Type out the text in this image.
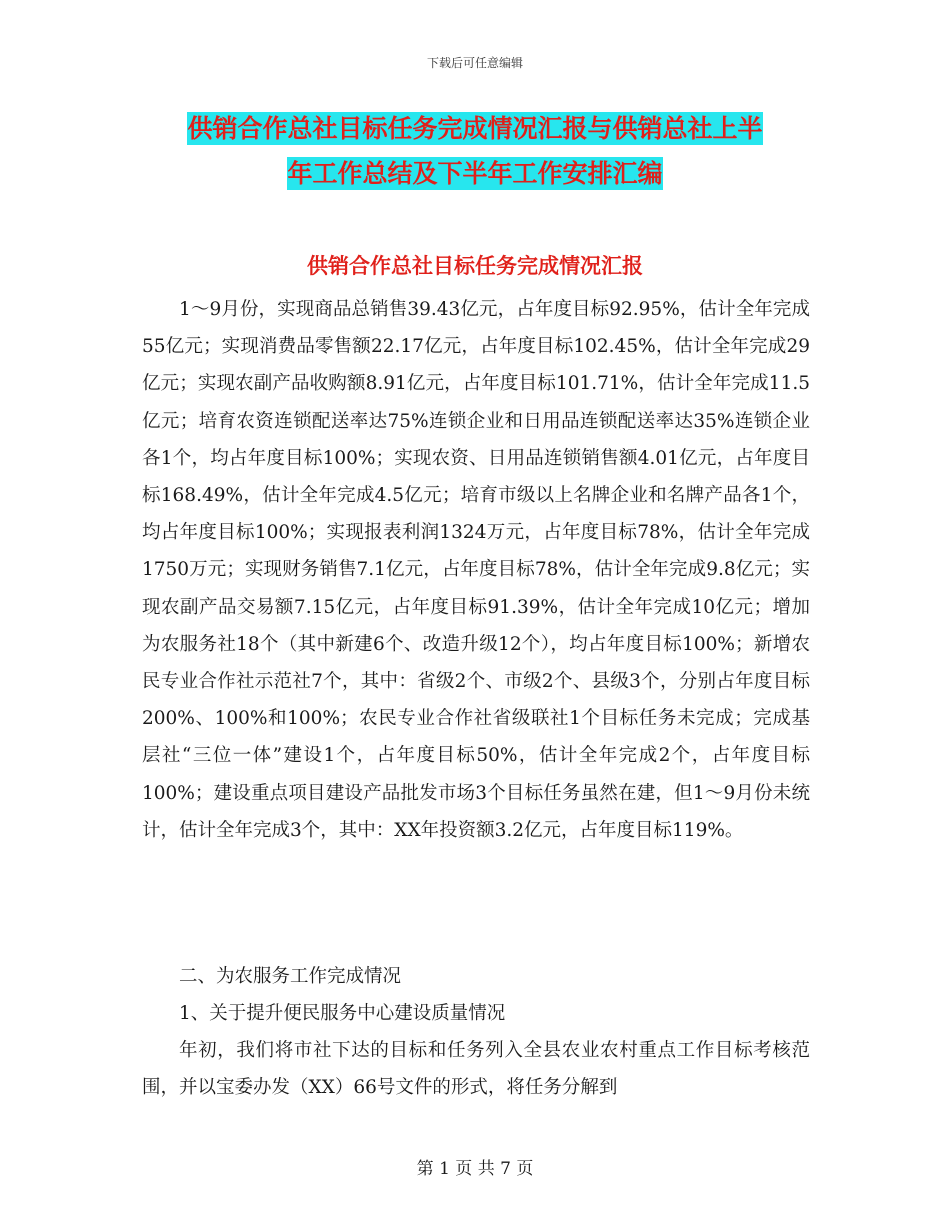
下载后可任意编辑
供销合作总社目标任务完成情况汇报与供销总社上半
年工作总结及下半年工作安排汇编
供销合作总社目标任务完成情况汇报

1～9月份，实现商品总销售39.43亿元，占年度目标92.95%，估计全年完成55亿元；实现消费品零售额22.17亿元，占年度目标102.45%，估计全年完成29亿元；实现农副产品收购额8.91亿元，占年度目标101.71%，估计全年完成11.5亿元；培育农资连锁配送率达75%连锁企业和日用品连锁配送率达35%连锁企业各1个，均占年度目标100%；实现农资、日用品连锁销售额4.01亿元，占年度目标168.49%，估计全年完成4.5亿元；培育市级以上名牌企业和名牌产品各1个，均占年度目标100%；实现报表利润1324万元，占年度目标78%，估计全年完成1750万元；实现财务销售7.1亿元，占年度目标78%，估计全年完成9.8亿元；实现农副产品交易额7.15亿元，占年度目标91.39%，估计全年完成10亿元；增加为农服务社18个（其中新建6个、改造升级12个），均占年度目标100%；新增农民专业合作社示范社7个，其中：省级2个、市级2个、县级3个，分别占年度目标200%、100%和100%；农民专业合作社省级联社1个目标任务未完成；完成基层社“三位一体”建设1个，占年度目标50%，估计全年完成2个，占年度目标100%；建设重点项目建设产品批发市场3个目标任务虽然在建，但1～9月份未统计，估计全年完成3个，其中：XX年投资额3.2亿元，占年度目标119%。

二、为农服务工作完成情况

1、关于提升便民服务中心建设质量情况

年初，我们将市社下达的目标和任务列入全县农业农村重点工作目标考核范围，并以宝委办发（XX）66号文件的形式，将任务分解到

第 1 页 共 7 页
